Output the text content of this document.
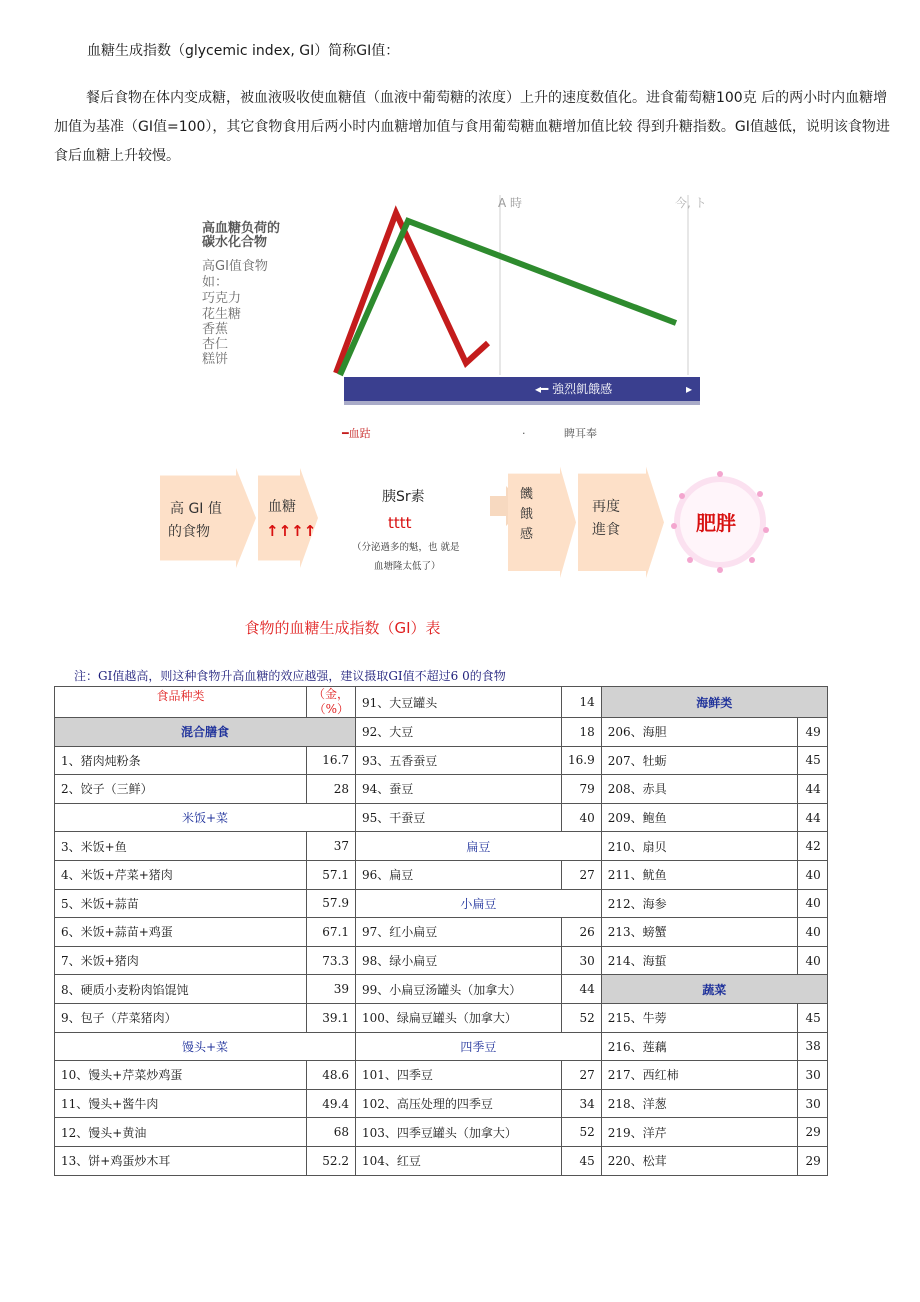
血糖生成指数（glycemic index, GI）简称GI值：
餐后食物在体内变成糖，被血液吸收使血糖值（血液中葡萄糖的浓度）上升的速度数值化。进食葡萄糖100克 后的两小时内血糖增加值为基准（GI值=100），其它食物食用后两小时内血糖增加值与食用葡萄糖血糖增加值比较 得到升糖指数。GI值越低，说明该食物进食后血糖上升较慢。
A 時	今, ト
高血糖负荷的
碳水化合物
高GI值食物
如：
巧克力
花生糖
香蕉
杏仁
糕饼
◂━ 強烈飢餓感	▸
━血跍	·	睥耳奉
高 GI 值
的食物
血糖
↑↑↑↑
胰Sr素
tttt
（分泌過多的魁，也 就是
血塘隆太低了）
饑
餓
感
再度
進食	肥胖
食物的血糖生成指数（GI）表
注：GI值越高，则这种食物升高血糖的效应越强，建议摄取GI值不超过6 0的食物
食品种类	（金，（%）	91、大豆罐头	14	海鲜类	
混合膳食		92、大豆	18	206、海胆	49
1、猪肉炖粉条	16.7	93、五香蚕豆	16.9	207、牡蛎	45
2、饺子（三鲜）	28	94、蚕豆	79	208、赤具	44
米饭+菜		95、干蚕豆	40	209、鲍鱼	44
3、米饭+鱼	37	扁豆		210、扇贝	42
4、米饭+芹菜+猪肉	57.1	96、扁豆	27	211、鱿鱼	40
5、米饭+蒜苗	57.9	小扁豆		212、海参	40
6、米饭+蒜苗+鸡蛋	67.1	97、红小扁豆	26	213、螃蟹	40
7、米饭+猪肉	73.3	98、绿小扁豆	30	214、海蜇	40
8、硬质小麦粉肉馅馄饨	39	99、小扁豆汤罐头（加拿大）	44	蔬菜	
9、包子（芹菜猪肉）	39.1	100、绿扁豆罐头（加拿大）	52	215、牛蒡	45
馒头+菜		四季豆		216、莲藕	38
10、馒头+芹菜炒鸡蛋	48.6	101、四季豆	27	217、西红柿	30
11、馒头+酱牛肉	49.4	102、高压处理的四季豆	34	218、洋葱	30
12、馒头+黄油	68	103、四季豆罐头（加拿大）	52	219、洋芹	29
13、饼+鸡蛋炒木耳	52.2	104、红豆	45	220、松茸	29
